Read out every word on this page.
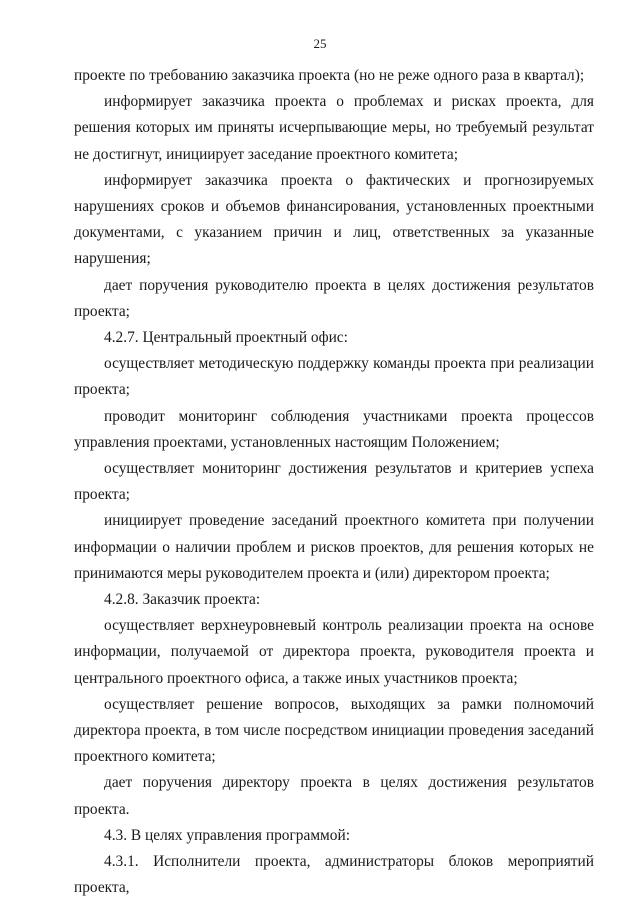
25

проекте по требованию заказчика проекта (но не реже одного раза в квартал);

информирует заказчика проекта о проблемах и рисках проекта, для решения которых им приняты исчерпывающие меры, но требуемый результат не достигнут, инициирует заседание проектного комитета;

информирует заказчика проекта о фактических и прогнозируемых нарушениях сроков и объемов финансирования, установленных проектными документами, с указанием причин и лиц, ответственных за указанные нарушения;

дает поручения руководителю проекта в целях достижения результатов проекта;

4.2.7. Центральный проектный офис:

осуществляет методическую поддержку команды проекта при реализации проекта;

проводит мониторинг соблюдения участниками проекта процессов управления проектами, установленных настоящим Положением;

осуществляет мониторинг достижения результатов и критериев успеха проекта;

инициирует проведение заседаний проектного комитета при получении информации о наличии проблем и рисков проектов, для решения которых не принимаются меры руководителем проекта и (или) директором проекта;

4.2.8. Заказчик проекта:

осуществляет верхнеуровневый контроль реализации проекта на основе информации, получаемой от директора проекта, руководителя проекта и центрального проектного офиса, а также иных участников проекта;

осуществляет решение вопросов, выходящих за рамки полномочий директора проекта, в том числе посредством инициации проведения заседаний проектного комитета;

дает поручения директору проекта в целях достижения результатов проекта.

4.3. В целях управления программой:

4.3.1. Исполнители проекта, администраторы блоков мероприятий проекта,
